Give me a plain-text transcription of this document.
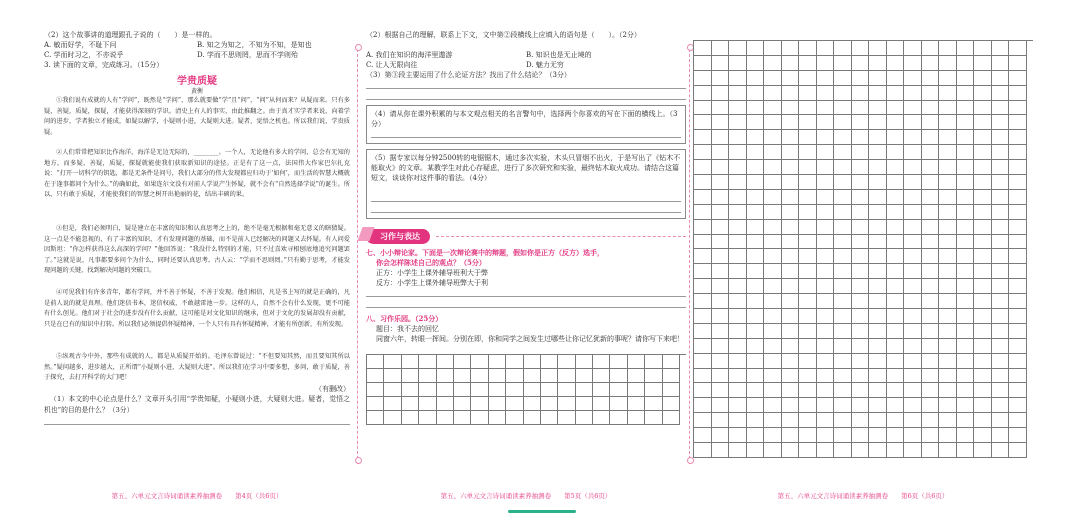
（2）这个故事讲的道理跟孔子说的（　　）是一样的。
A. 敏而好学，不耻下问	B. 知之为知之，不知为不知，是知也
C. 学而时习之，不亦说乎	D. 学而不思则罔，思而不学则殆
3. 读下面的文章，完成练习。（15分）
学贵质疑
黄衡

①我们说有成就的人有“学问”，既然是“学问”，那么就要做“学”且“问”，“问”从何而来？从疑而来。只有多疑，善疑，质疑，探疑，才能获得深刻的学识。清史上有人的事实，由此推翻之。由于真才实学者来说，向着学问的进步，学者独立才能成，如疑以解学，小疑则小进，大疑则大进。疑者，觉悟之机也。所以我们说，学贵质疑。

②人们常常把知识比作海洋，海洋是无边无际的，________。一个人，无论他有多大的学问，总会有无知的地方，而多疑，善疑，质疑，探疑就能使我们获取新知识的途径。正是有了这一点，法国伟大作家巴尔扎克说：“打开一切科学的钥匙，都是无条件是问号，我们大部分的伟大发现都应归功于‘如何’，而生活的智慧大概就在于逢事都问个为什么。”的确如此，如果连尔文没有对前人学说产生怀疑，就不会有“自然选择学说”的诞生。所以，只有敢于质疑，才能使我们的智慧之树开出艳丽的花，结出丰硕的果。

③但是，我们必须明白，疑是建立在丰富的知识和认真思考之上的，绝不是毫无根据和毫无意义的瞎猜疑。这一点是不能忽视的，有了丰富的知识，才有发现问题的基础，而不是前人已经解决的问题又去怀疑。有人问爱因斯坦：“你怎样获得这么高深的学问？”他回答说：“我没什么特别的才能，只不过喜欢寻根刨底地追究问题罢了。”这就是说，凡事都要多问个为什么，同时还要认真思考。古人云：“学而不思则罔。”只有勤于思考，才能发现问题的关键，找到解决问题的突破口。

④可见我们有许多青年，都有学问，并不善于怀疑，不善于发现。他们相信，凡是书上写的就是正确的，凡是前人说的就是真理。他们迷信书本，迷信权威，不敢越雷池一步。这样的人，自然不会有什么发现，更不可能有什么创见。他们对于社会的进步没有什么贡献，这可能是对文化知识的继承，但对于文化的发展却没有贡献，只是在已有的知识中打转。所以我们必须提倡怀疑精神，一个人只有具有怀疑精神，才能有所创新，有所发现。

⑤纵观古今中外，那些有成就的人，都是从质疑开始的。毛泽东曾说过：“不但要知其然，而且要知其所以然。”疑问越多，进步越大，正所谓“小疑则小进，大疑则大进”。所以我们在学习中要多想，多问，敢于质疑，善于探究，去打开科学的大门吧！

（有删改）

（1）本文的中心论点是什么？文章开头引用“学贵知疑，小疑则小进，大疑则大进。疑者，觉悟之机也”的目的是什么？（3分）

第五、六单元文言诗词诵读素养抽测卷　　第4页（共6页）
（2）根据自己的理解，联系上下文，文中第②段横线上应填入的语句是（　　）。（2分）
A. 我们在知识的海洋里遨游	B. 知识也是无止境的
C. 让人无限向往	D. 魅力无穷
（3）第③段主要运用了什么论证方法？找出了什么结论？（3分）
（4）请从你在课外积累的与本文观点相关的名言警句中，选择两个你喜欢的写在下面的横线上。（3分）
（5）据专家以每分钟2500转的电锯锯木，通过多次实验，木头只冒烟不出火，于是写出了《钻木不能取火》的文章。某教学生对此心存疑虑，进行了多次研究和实验，最终钻木取火成功。请结合这篇短文，谈谈你对这件事的看法。（4分）
习作与表达
七、小小辩论家。下面是一次辩论赛中的辩题，假如你是正方（反方）选手，
你会怎样陈述自己的观点？（5分）
正方：小学生上课外辅导班利大于弊
反方：小学生上课外辅导班弊大于利
八、习作乐园。（25分）
题目：我不去的回忆
同窗六年，转眼一挥间。分别在即，你和同学之间发生过哪些让你记忆犹新的事呢？请你写下来吧！
第五、六单元文言诗词诵读素养抽测卷　　第5页（共6页）	第五、六单元文言诗词诵读素养抽测卷　　第6页（共6页）
